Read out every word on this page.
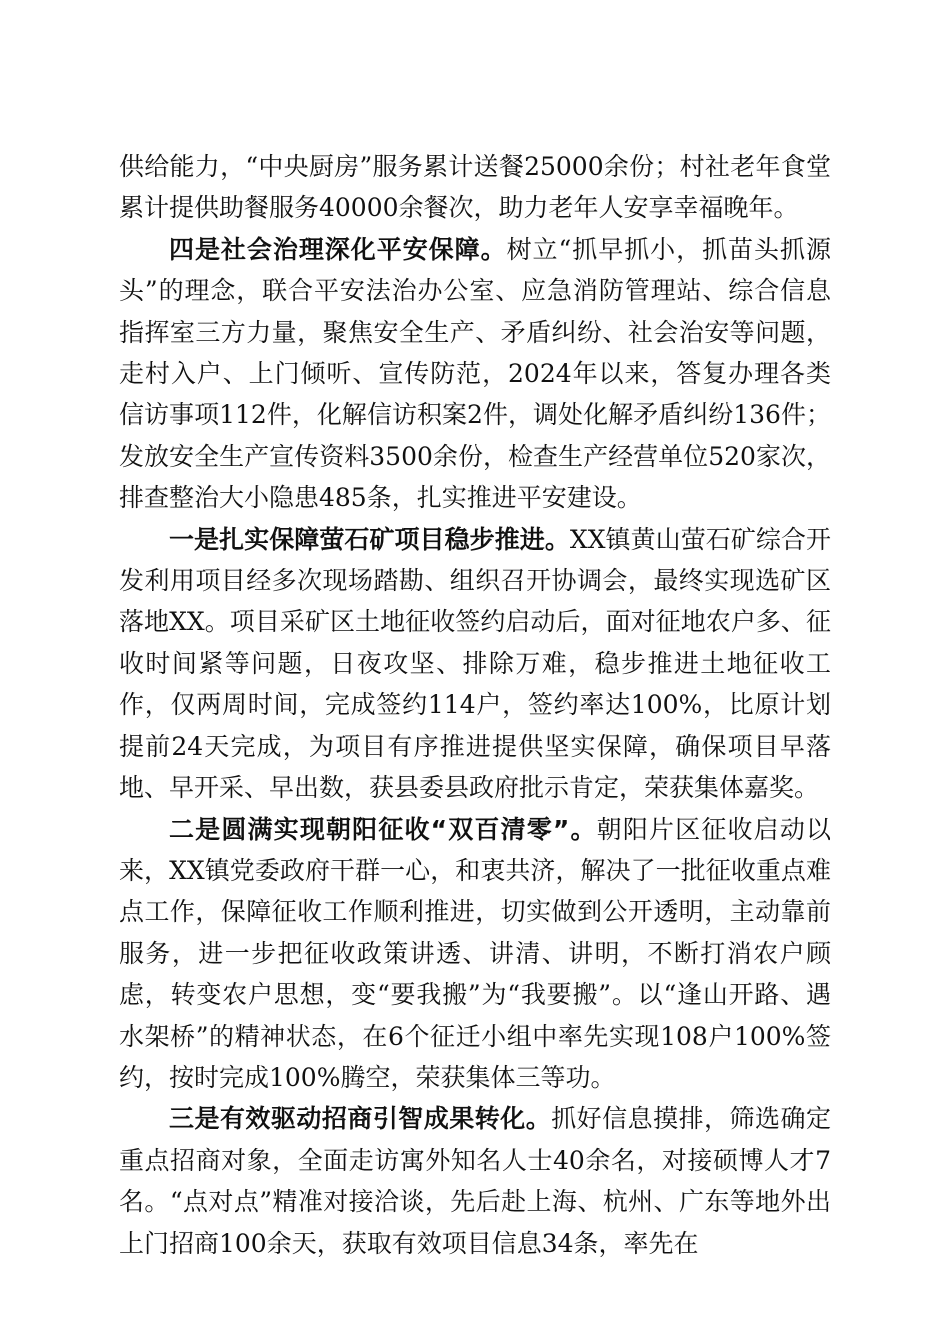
供给能力，“中央厨房”服务累计送餐25000余份；村社老年食堂累计提供助餐服务40000余餐次，助力老年人安享幸福晚年。

四是社会治理深化平安保障。树立“抓早抓小，抓苗头抓源头”的理念，联合平安法治办公室、应急消防管理站、综合信息指挥室三方力量，聚焦安全生产、矛盾纠纷、社会治安等问题，走村入户、上门倾听、宣传防范，2024年以来，答复办理各类信访事项112件，化解信访积案2件，调处化解矛盾纠纷136件；发放安全生产宣传资料3500余份，检查生产经营单位520家次，排查整治大小隐患485条，扎实推进平安建设。

一是扎实保障萤石矿项目稳步推进。XX镇黄山萤石矿综合开发利用项目经多次现场踏勘、组织召开协调会，最终实现选矿区落地XX。项目采矿区土地征收签约启动后，面对征地农户多、征收时间紧等问题，日夜攻坚、排除万难，稳步推进土地征收工作，仅两周时间，完成签约114户，签约率达100%，比原计划提前24天完成，为项目有序推进提供坚实保障，确保项目早落地、早开采、早出数，获县委县政府批示肯定，荣获集体嘉奖。

二是圆满实现朝阳征收“双百清零”。朝阳片区征收启动以来，XX镇党委政府干群一心，和衷共济，解决了一批征收重点难点工作，保障征收工作顺利推进，切实做到公开透明，主动靠前服务，进一步把征收政策讲透、讲清、讲明，不断打消农户顾虑，转变农户思想，变“要我搬”为“我要搬”。以“逢山开路、遇水架桥”的精神状态，在6个征迁小组中率先实现108户100%签约，按时完成100%腾空，荣获集体三等功。

三是有效驱动招商引智成果转化。抓好信息摸排，筛选确定重点招商对象，全面走访寓外知名人士40余名，对接硕博人才7名。“点对点”精准对接洽谈，先后赴上海、杭州、广东等地外出上门招商100余天，获取有效项目信息34条，率先在
